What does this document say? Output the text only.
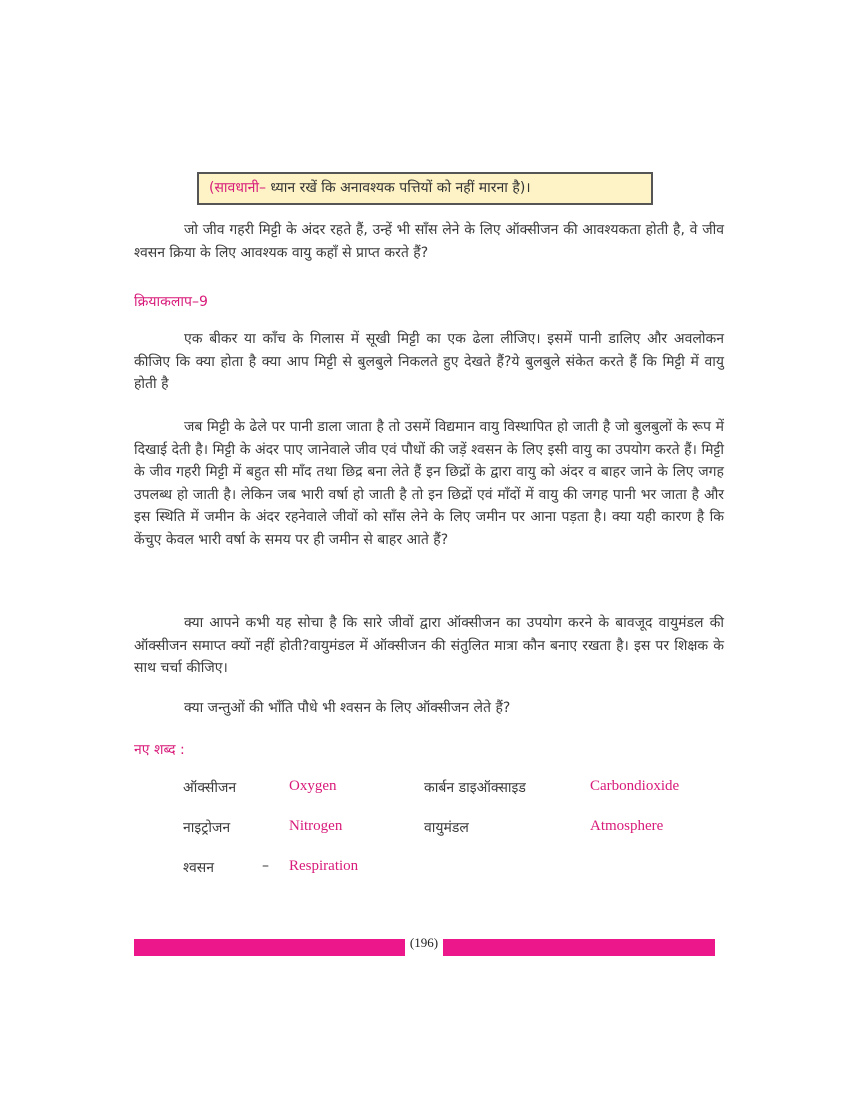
(सावधानी– ध्यान रखें कि अनावश्यक पत्तियों को नहीं मारना है)।

जो जीव गहरी मिट्टी के अंदर रहते हैं, उन्हें भी साँस लेने के लिए ऑक्सीजन की आवश्यकता होती है, वे जीव श्वसन क्रिया के लिए आवश्यक वायु कहाँ से प्राप्त करते हैं?

क्रियाकलाप–9

एक बीकर या काँच के गिलास में सूखी मिट्टी का एक ढेला लीजिए। इसमें पानी डालिए और अवलोकन कीजिए कि क्या होता है क्या आप मिट्टी से बुलबुले निकलते हुए देखते हैं?ये बुलबुले संकेत करते हैं कि मिट्टी में वायु होती है

जब मिट्टी के ढेले पर पानी डाला जाता है तो उसमें विद्यमान वायु विस्थापित हो जाती है जो बुलबुलों के रूप में दिखाई देती है। मिट्टी के अंदर पाए जानेवाले जीव एवं पौधों की जड़ें श्वसन के लिए इसी वायु का उपयोग करते हैं। मिट्टी के जीव गहरी मिट्टी में बहुत सी माँद तथा छिद्र बना लेते हैं इन छिद्रों के द्वारा वायु को अंदर व बाहर जाने के लिए जगह उपलब्ध हो जाती है। लेकिन जब भारी वर्षा हो जाती है तो इन छिद्रों एवं माँदों में वायु की जगह पानी भर जाता है और इस स्थिति में जमीन के अंदर रहनेवाले जीवों को साँस लेने के लिए जमीन पर आना पड़ता है। क्या यही कारण है कि केंचुए केवल भारी वर्षा के समय पर ही जमीन से बाहर आते हैं?

क्या आपने कभी यह सोचा है कि सारे जीवों द्वारा ऑक्सीजन का उपयोग करने के बावजूद वायुमंडल की ऑक्सीजन समाप्त क्यों नहीं होती?वायुमंडल में ऑक्सीजन की संतुलित मात्रा कौन बनाए रखता है। इस पर शिक्षक के साथ चर्चा कीजिए।

क्या जन्तुओं की भाँति पौधे भी श्वसन के लिए ऑक्सीजन लेते हैं?

नए शब्द :

ऑक्सीजन	Oxygen	कार्बन डाइऑक्साइड	Carbondioxide
नाइट्रोजन	Nitrogen	वायुमंडल	Atmosphere
श्वसन	– Respiration
(196)
